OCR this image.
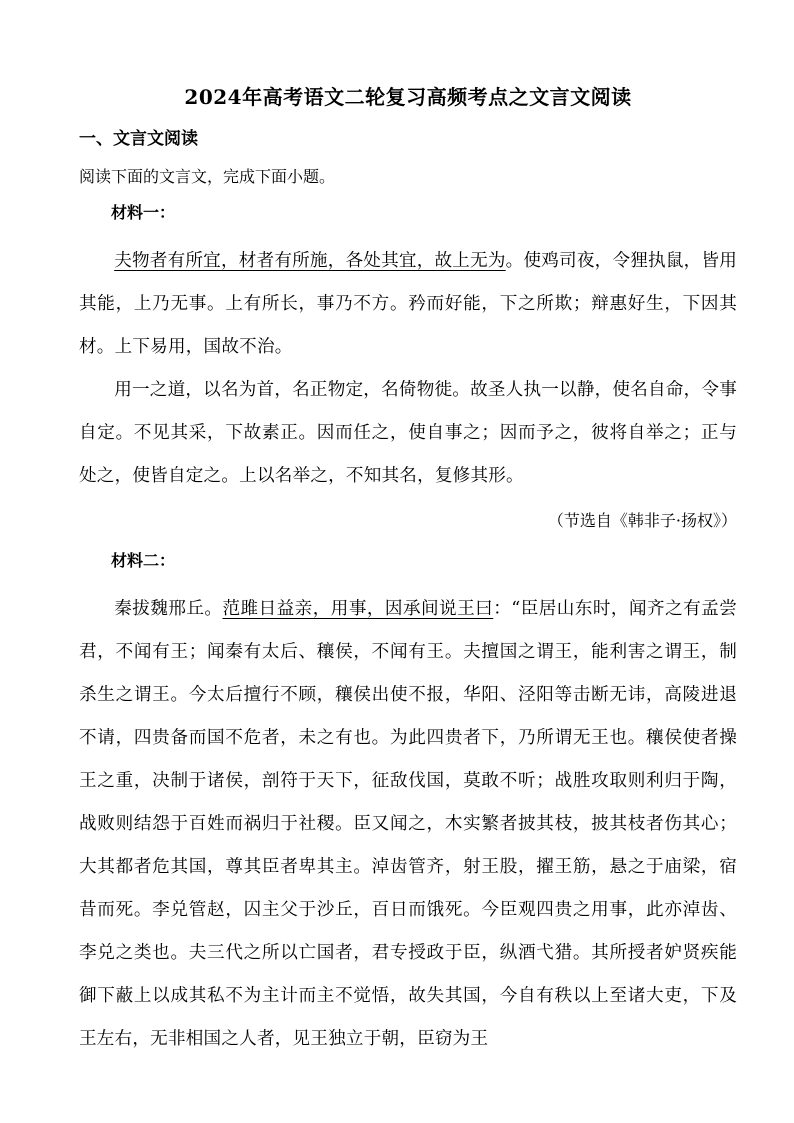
2024年高考语文二轮复习高频考点之文言文阅读
一、文言文阅读
阅读下面的文言文，完成下面小题。
材料一：

夫物者有所宜，材者有所施，各处其宜，故上无为。使鸡司夜，令狸执鼠，皆用其能，上乃无事。上有所长，事乃不方。矜而好能，下之所欺；辩惠好生，下因其材。上下易用，国故不治。

用一之道，以名为首，名正物定，名倚物徙。故圣人执一以静，使名自命，令事自定。不见其采，下故素正。因而任之，使自事之；因而予之，彼将自举之；正与处之，使皆自定之。上以名举之，不知其名，复修其形。

（节选自《韩非子·扬权》）
材料二：

秦拔魏邢丘。范雎日益亲，用事，因承间说王曰：“臣居山东时，闻齐之有孟尝君，不闻有王；闻秦有太后、穰侯，不闻有王。夫擅国之谓王，能利害之谓王，制杀生之谓王。今太后擅行不顾，穰侯出使不报，华阳、泾阳等击断无讳，高陵进退不请，四贵备而国不危者，未之有也。为此四贵者下，乃所谓无王也。穰侯使者操王之重，决制于诸侯，剖符于天下，征敌伐国，莫敢不听；战胜攻取则利归于陶，战败则结怨于百姓而祸归于社稷。臣又闻之，木实繁者披其枝，披其枝者伤其心；大其都者危其国，尊其臣者卑其主。淖齿管齐，射王股，擢王筋，悬之于庙梁，宿昔而死。李兑管赵，囚主父于沙丘，百日而饿死。今臣观四贵之用事，此亦淖齿、李兑之类也。夫三代之所以亡国者，君专授政于臣，纵酒弋猎。其所授者妒贤疾能御下蔽上以成其私不为主计而主不觉悟，故失其国，今自有秩以上至诸大吏，下及王左右，无非相国之人者，见王独立于朝，臣窃为王
